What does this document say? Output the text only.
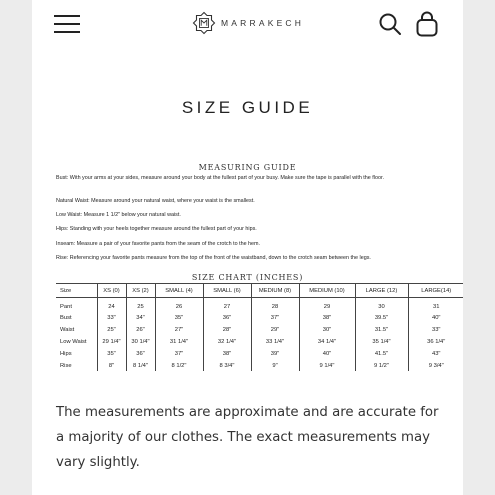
MARRAKECH
SIZE GUIDE
MEASURING GUIDE
Bust: With your arms at your sides, measure around your body at the fullest part of your busy. Make sure the tape is parallel with the floor.
Natural Waist: Measure around your natural waist, where your waist is the smallest.
Low Waist: Measure 1 1/2" below your natural waist.
Hips: Standing with your heels together measure around the fullest part of your hips.
Inseam: Measure a pair of your favorite pants from the seam of the crotch to the hem.
Rise: Referencing your favorite pants measure from the top of the front of the waistband, down to the crotch seam between the legs.
SIZE CHART (INCHES)
Size	XS (0)	XS (2)	SMALL (4)	SMALL (6)	MEDIUM (8)	MEDIUM (10)	LARGE (12)	LARGE(14)
Pant	24	25	26	27	28	29	30	31
Bust	33"	34"	35"	36"	37"	38"	39.5"	40"
Waist	25"	26"	27"	28"	29"	30"	31.5"	33"
Low Waist	29 1/4"	30 1/4"	31 1/4"	32 1/4"	33 1/4"	34 1/4"	35 1/4"	36 1/4"
Hips	35"	36"	37"	38"	39"	40"	41.5"	43"
Rise	8"	8 1/4"	8 1/2"	8 3/4"	9"	9 1/4"	9 1/2"	9 3/4"
The measurements are approximate and are accurate for a majority of our clothes. The exact measurements may vary slightly.
